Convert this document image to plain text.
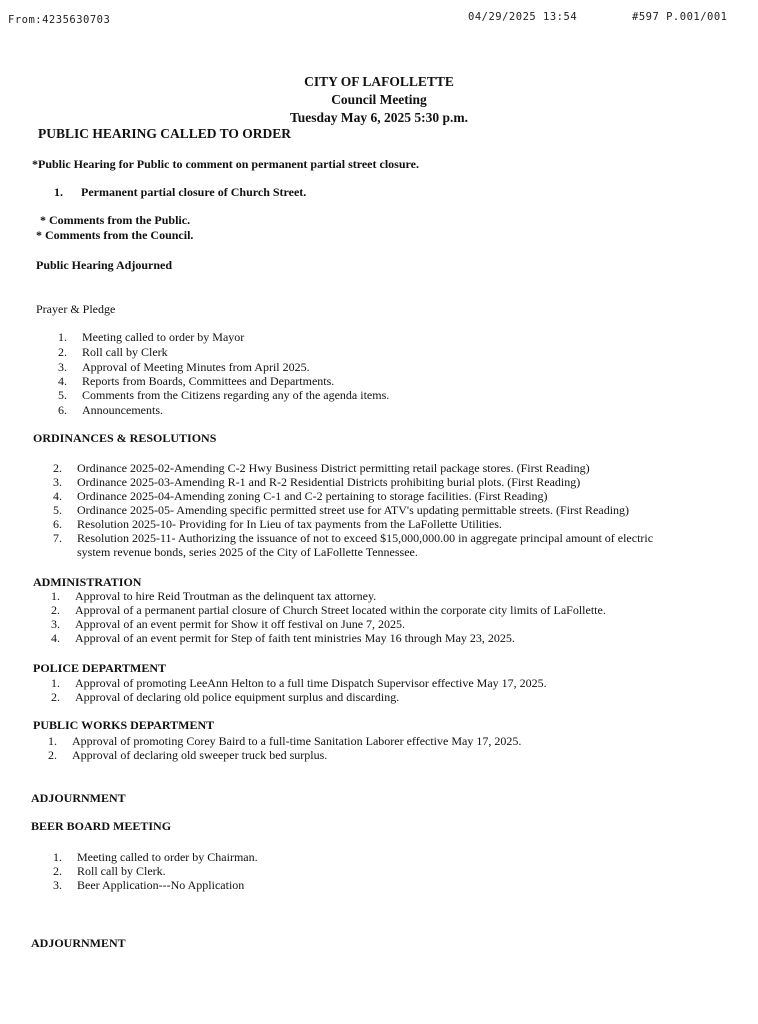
From:4235630703	04/29/2025 13:54	#597 P.001/001
CITY OF LAFOLLETTE
Council Meeting
Tuesday May 6, 2025 5:30 p.m.
PUBLIC HEARING CALLED TO ORDER
*Public Hearing for Public to comment on permanent partial street closure.
1. Permanent partial closure of Church Street.
* Comments from the Public.
* Comments from the Council.
Public Hearing Adjourned
Prayer & Pledge
1. Meeting called to order by Mayor
2. Roll call by Clerk
3. Approval of Meeting Minutes from April 2025.
4. Reports from Boards, Committees and Departments.
5. Comments from the Citizens regarding any of the agenda items.
6. Announcements.
ORDINANCES & RESOLUTIONS
2. Ordinance 2025-02-Amending C-2 Hwy Business District permitting retail package stores. (First Reading)
3. Ordinance 2025-03-Amending R-1 and R-2 Residential Districts prohibiting burial plots. (First Reading)
4. Ordinance 2025-04-Amending zoning C-1 and C-2 pertaining to storage facilities. (First Reading)
5. Ordinance 2025-05- Amending specific permitted street use for ATV's updating permittable streets. (First Reading)
6. Resolution 2025-10- Providing for In Lieu of tax payments from the LaFollette Utilities.
7. Resolution 2025-11- Authorizing the issuance of not to exceed $15,000,000.00 in aggregate principal amount of electric
system revenue bonds, series 2025 of the City of LaFollette Tennessee.
ADMINISTRATION
1. Approval to hire Reid Troutman as the delinquent tax attorney.
2. Approval of a permanent partial closure of Church Street located within the corporate city limits of LaFollette.
3. Approval of an event permit for Show it off festival on June 7, 2025.
4. Approval of an event permit for Step of faith tent ministries May 16 through May 23, 2025.
POLICE DEPARTMENT
1. Approval of promoting LeeAnn Helton to a full time Dispatch Supervisor effective May 17, 2025.
2. Approval of declaring old police equipment surplus and discarding.
PUBLIC WORKS DEPARTMENT
1. Approval of promoting Corey Baird to a full-time Sanitation Laborer effective May 17, 2025.
2. Approval of declaring old sweeper truck bed surplus.
ADJOURNMENT
BEER BOARD MEETING
1. Meeting called to order by Chairman.
2. Roll call by Clerk.
3. Beer Application---No Application
ADJOURNMENT
